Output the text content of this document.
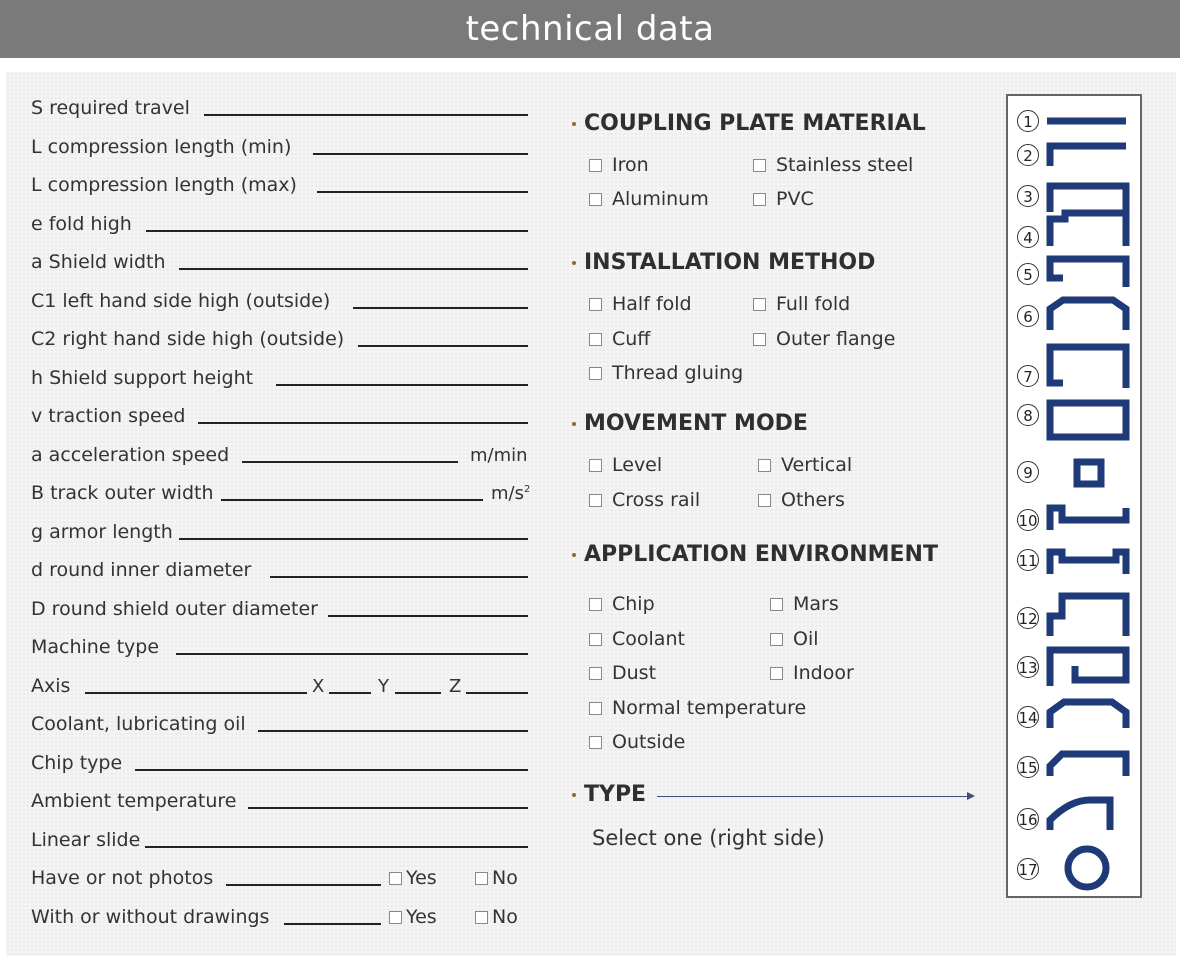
technical data
S required travel
L compression length (min)
L compression length (max)
e fold high
a Shield width
C1 left hand side high (outside)
C2 right hand side high (outside)
h Shield support height
v traction speed
a acceleration speed	m/min
B track outer width	$m/s^2$
g armor length
d round inner diameter
D round shield outer diameter
Machine type
Axis	X	Y	Z
Coolant, lubricating oil
Chip type
Ambient temperature
Linear slide
Have or not photos	Yes	No
With or without drawings	Yes	No
COUPLING PLATE MATERIAL
Iron	Stainless steel
Aluminum	PVC
INSTALLATION METHOD
Half fold	Full fold
Cuff	Outer flange
Thread gluing
MOVEMENT MODE
Level	Vertical
Cross rail	Others
APPLICATION ENVIRONMENT
Chip	Mars
Coolant	Oil
Dust	Indoor
Normal temperature
Outside
TYPE
Select one (right side)
1
2
3
4
5
6
7
8
9
10
11
12
13
14
15
16
17
